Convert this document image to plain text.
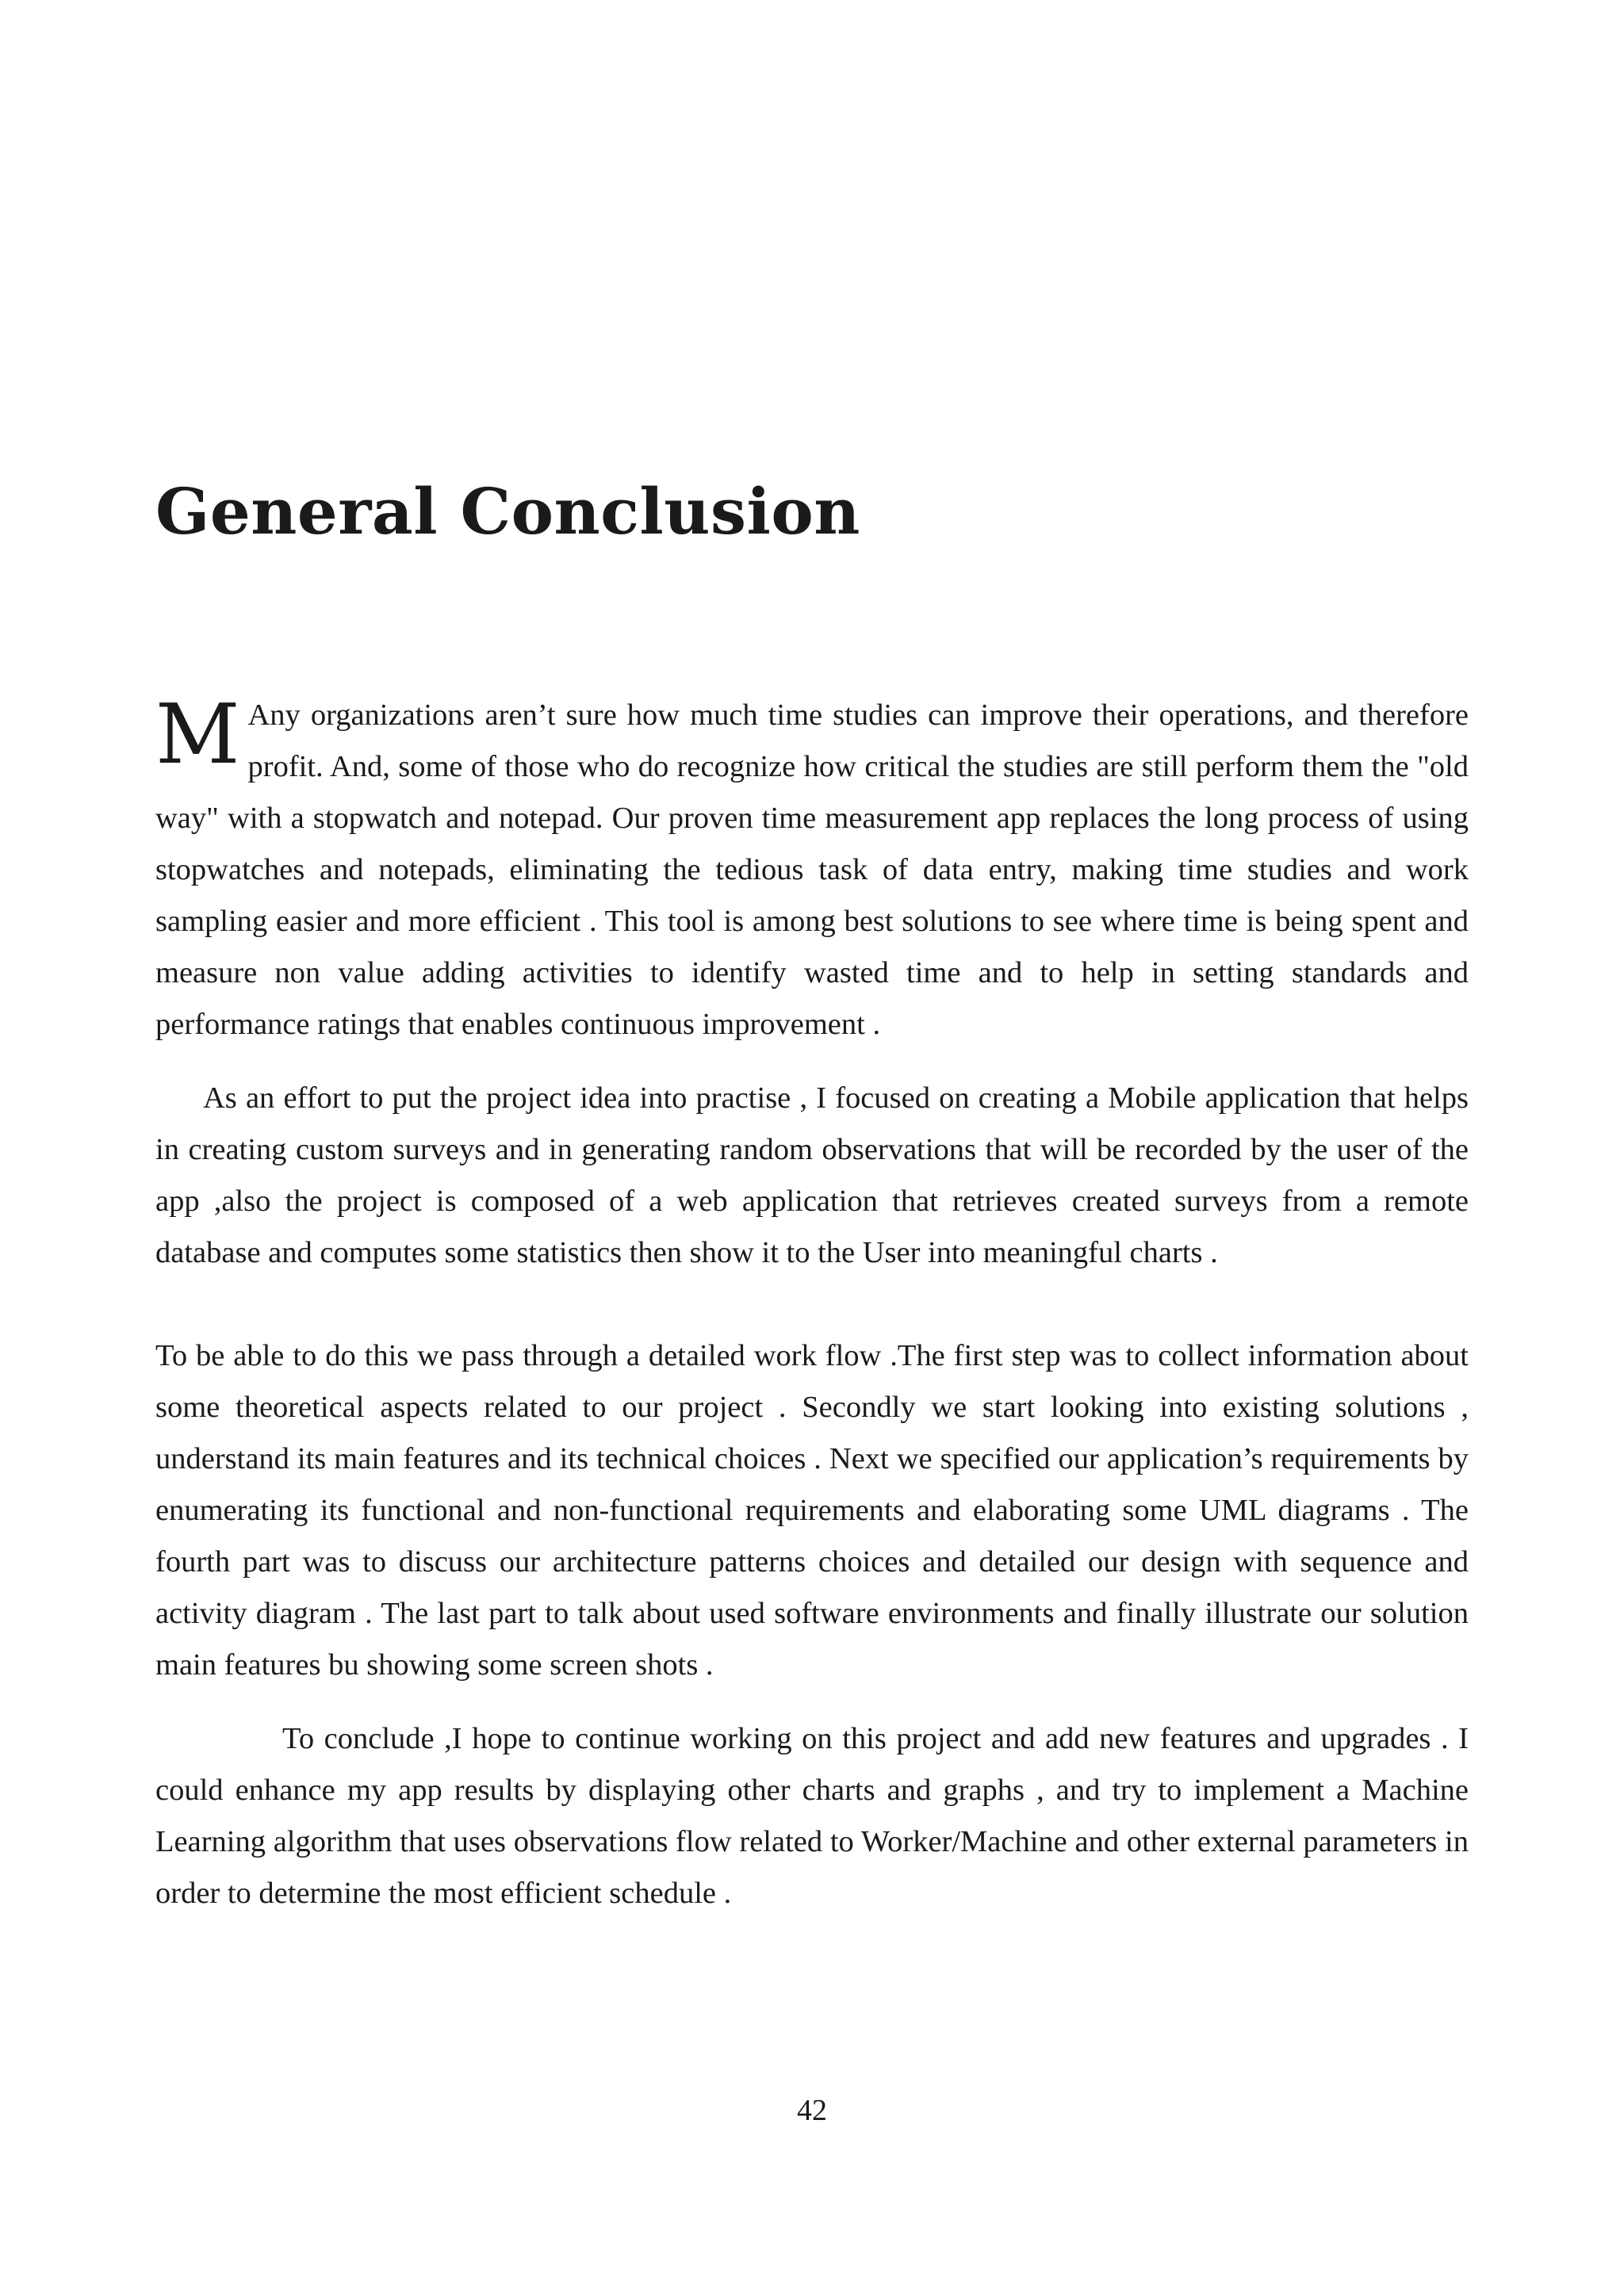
General Conclusion

M Any organizations aren’t sure how much time studies can improve their operations, and therefore profit. And, some of those who do recognize how critical the studies are still perform them the "old way" with a stopwatch and notepad. Our proven time measurement app replaces the long process of using stopwatches and notepads, eliminating the tedious task of data entry, making time studies and work sampling easier and more efficient . This tool is among best solutions to see where time is being spent and measure non value adding activities to identify wasted time and to help in setting standards and performance ratings that enables continuous improvement .

As an effort to put the project idea into practise , I focused on creating a Mobile application that helps in creating custom surveys and in generating random observations that will be recorded by the user of the app ,also the project is composed of a web application that retrieves created surveys from a remote database and computes some statistics then show it to the User into meaningful charts .

To be able to do this we pass through a detailed work flow .The first step was to collect information about some theoretical aspects related to our project . Secondly we start looking into existing solutions , understand its main features and its technical choices . Next we specified our application’s requirements by enumerating its functional and non-functional requirements and elaborating some UML diagrams . The fourth part was to discuss our architecture patterns choices and detailed our design with sequence and activity diagram . The last part to talk about used software environments and finally illustrate our solution main features bu showing some screen shots .

To conclude ,I hope to continue working on this project and add new features and upgrades . I could enhance my app results by displaying other charts and graphs , and try to implement a Machine Learning algorithm that uses observations flow related to Worker/Machine and other external parameters in order to determine the most efficient schedule .

42
